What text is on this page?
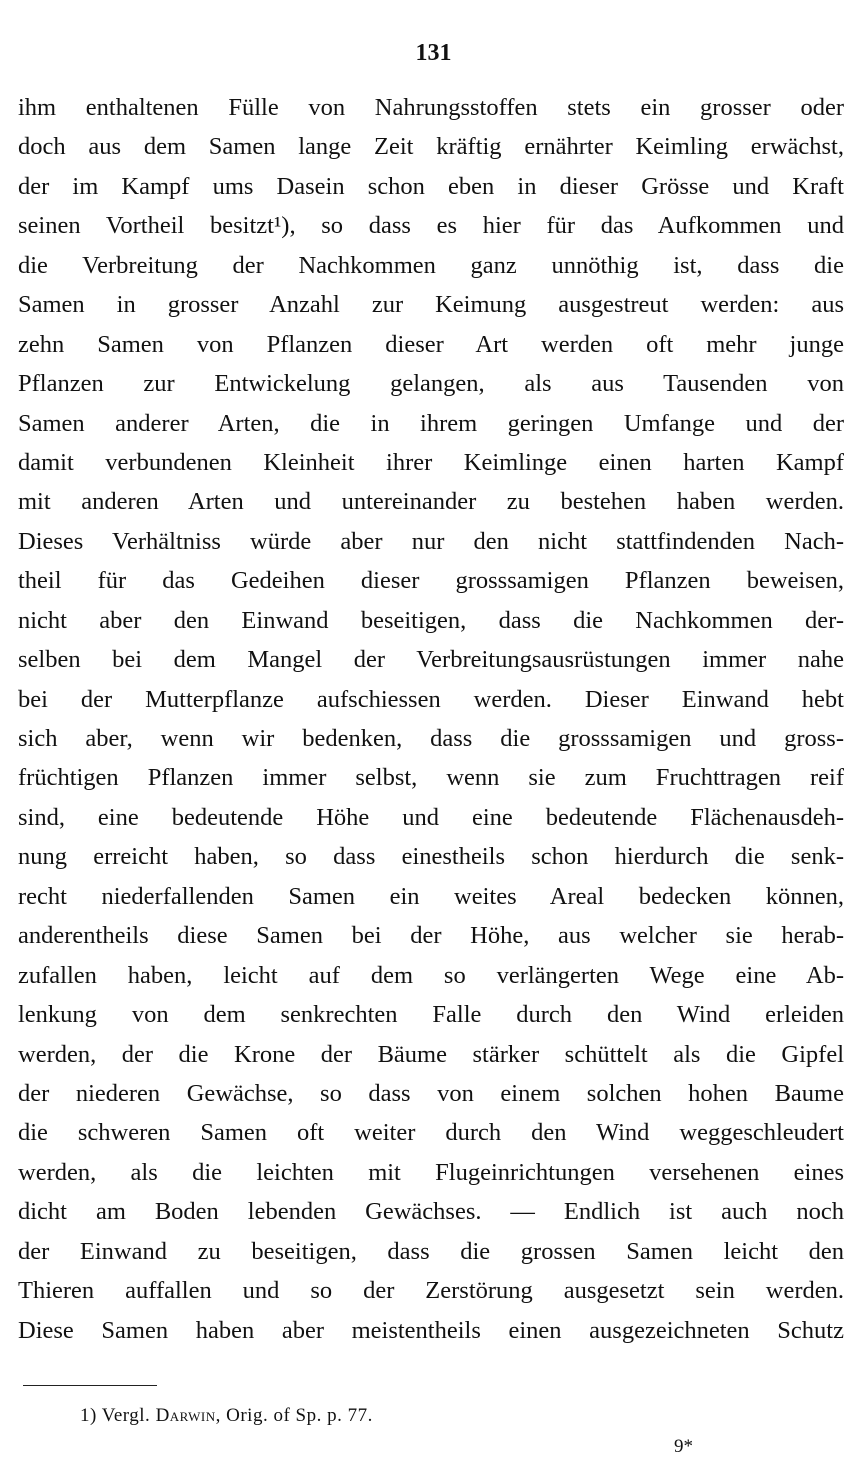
131
ihm enthaltenen Fülle von Nahrungsstoffen stets ein grosser oder
doch aus dem Samen lange Zeit kräftig ernährter Keimling erwächst,
der im Kampf ums Dasein schon eben in dieser Grösse und Kraft
seinen Vortheil besitzt¹), so dass es hier für das Aufkommen und
die Verbreitung der Nachkommen ganz unnöthig ist, dass die
Samen in grosser Anzahl zur Keimung ausgestreut werden: aus
zehn Samen von Pflanzen dieser Art werden oft mehr junge
Pflanzen zur Entwickelung gelangen, als aus Tausenden von
Samen anderer Arten, die in ihrem geringen Umfange und der
damit verbundenen Kleinheit ihrer Keimlinge einen harten Kampf
mit anderen Arten und untereinander zu bestehen haben werden.
Dieses Verhältniss würde aber nur den nicht stattfindenden Nach-
theil für das Gedeihen dieser grosssamigen Pflanzen beweisen,
nicht aber den Einwand beseitigen, dass die Nachkommen der-
selben bei dem Mangel der Verbreitungsausrüstungen immer nahe
bei der Mutterpflanze aufschiessen werden. Dieser Einwand hebt
sich aber, wenn wir bedenken, dass die grosssamigen und gross-
früchtigen Pflanzen immer selbst, wenn sie zum Fruchttragen reif
sind, eine bedeutende Höhe und eine bedeutende Flächenausdeh-
nung erreicht haben, so dass einestheils schon hierdurch die senk-
recht niederfallenden Samen ein weites Areal bedecken können,
anderentheils diese Samen bei der Höhe, aus welcher sie herab-
zufallen haben, leicht auf dem so verlängerten Wege eine Ab-
lenkung von dem senkrechten Falle durch den Wind erleiden
werden, der die Krone der Bäume stärker schüttelt als die Gipfel
der niederen Gewächse, so dass von einem solchen hohen Baume
die schweren Samen oft weiter durch den Wind weggeschleudert
werden, als die leichten mit Flugeinrichtungen versehenen eines
dicht am Boden lebenden Gewächses. — Endlich ist auch noch
der Einwand zu beseitigen, dass die grossen Samen leicht den
Thieren auffallen und so der Zerstörung ausgesetzt sein werden.
Diese Samen haben aber meistentheils einen ausgezeichneten Schutz
1) Vergl. Darwin, Orig. of Sp. p. 77.
9*
